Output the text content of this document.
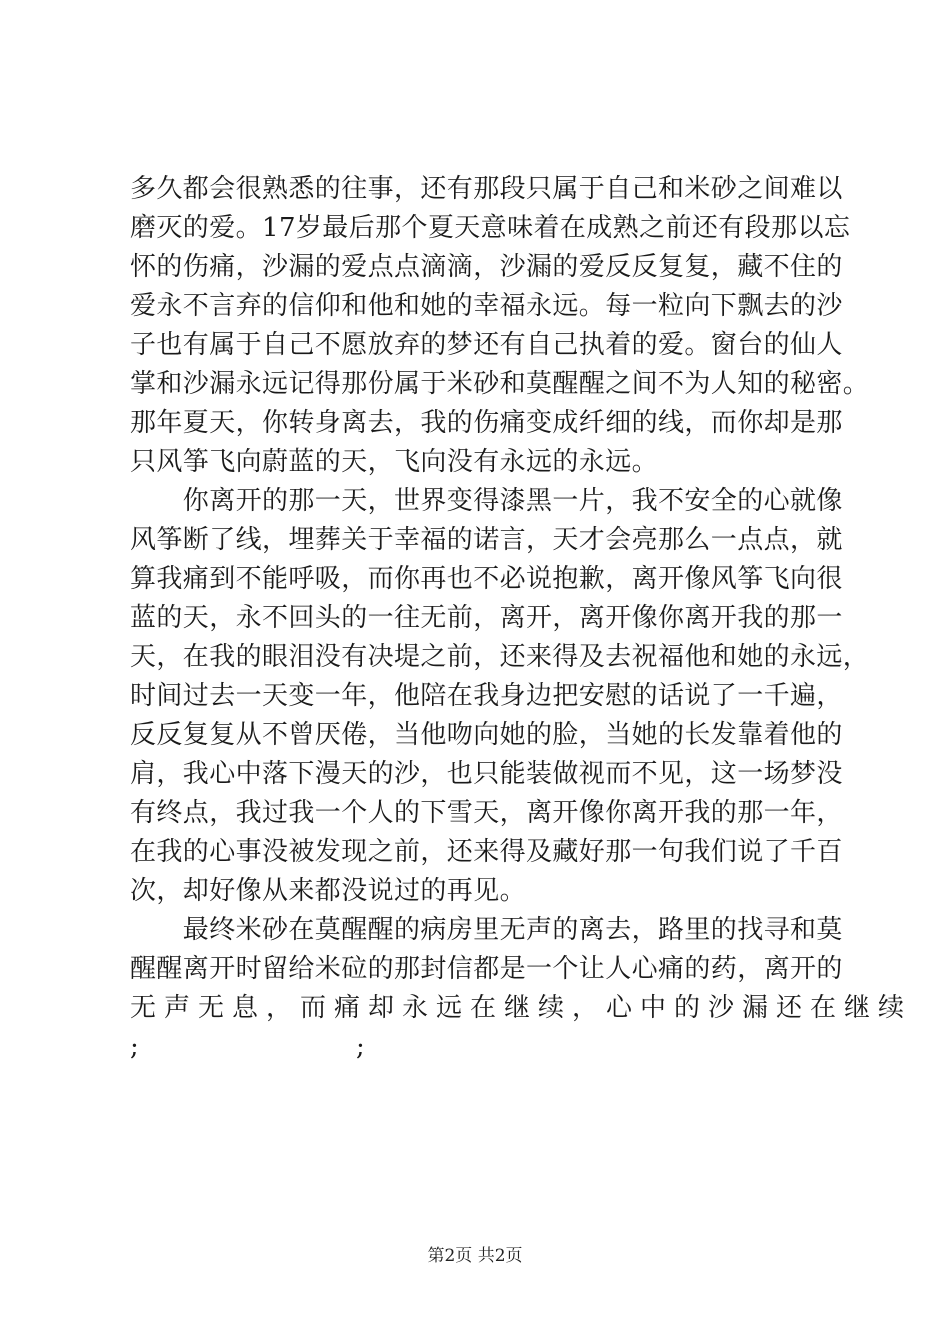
多久都会很熟悉的往事，还有那段只属于自己和米砂之间难以
磨灭的爱。17岁最后那个夏天意味着在成熟之前还有段那以忘
怀的伤痛，沙漏的爱点点滴滴，沙漏的爱反反复复，藏不住的
爱永不言弃的信仰和他和她的幸福永远。每一粒向下飘去的沙
子也有属于自己不愿放弃的梦还有自己执着的爱。窗台的仙人
掌和沙漏永远记得那份属于米砂和莫醒醒之间不为人知的秘密。
那年夏天，你转身离去，我的伤痛变成纤细的线，而你却是那
只风筝飞向蔚蓝的天，飞向没有永远的永远。
　　你离开的那一天，世界变得漆黑一片，我不安全的心就像
风筝断了线，埋葬关于幸福的诺言，天才会亮那么一点点，就
算我痛到不能呼吸，而你再也不必说抱歉，离开像风筝飞向很
蓝的天，永不回头的一往无前，离开，离开像你离开我的那一
天，在我的眼泪没有决堤之前，还来得及去祝福他和她的永远，
时间过去一天变一年，他陪在我身边把安慰的话说了一千遍，
反反复复从不曾厌倦，当他吻向她的脸，当她的长发靠着他的
肩，我心中落下漫天的沙，也只能装做视而不见，这一场梦没
有终点，我过我一个人的下雪天，离开像你离开我的那一年，
在我的心事没被发现之前，还来得及藏好那一句我们说了千百
次，却好像从来都没说过的再见。
　　最终米砂在莫醒醒的病房里无声的离去，路里的找寻和莫
醒醒离开时留给米砬的那封信都是一个让人心痛的药，离开的
无声无息，而痛却永远在继续，心中的沙漏还在继续
;	;
第2页 共2页
